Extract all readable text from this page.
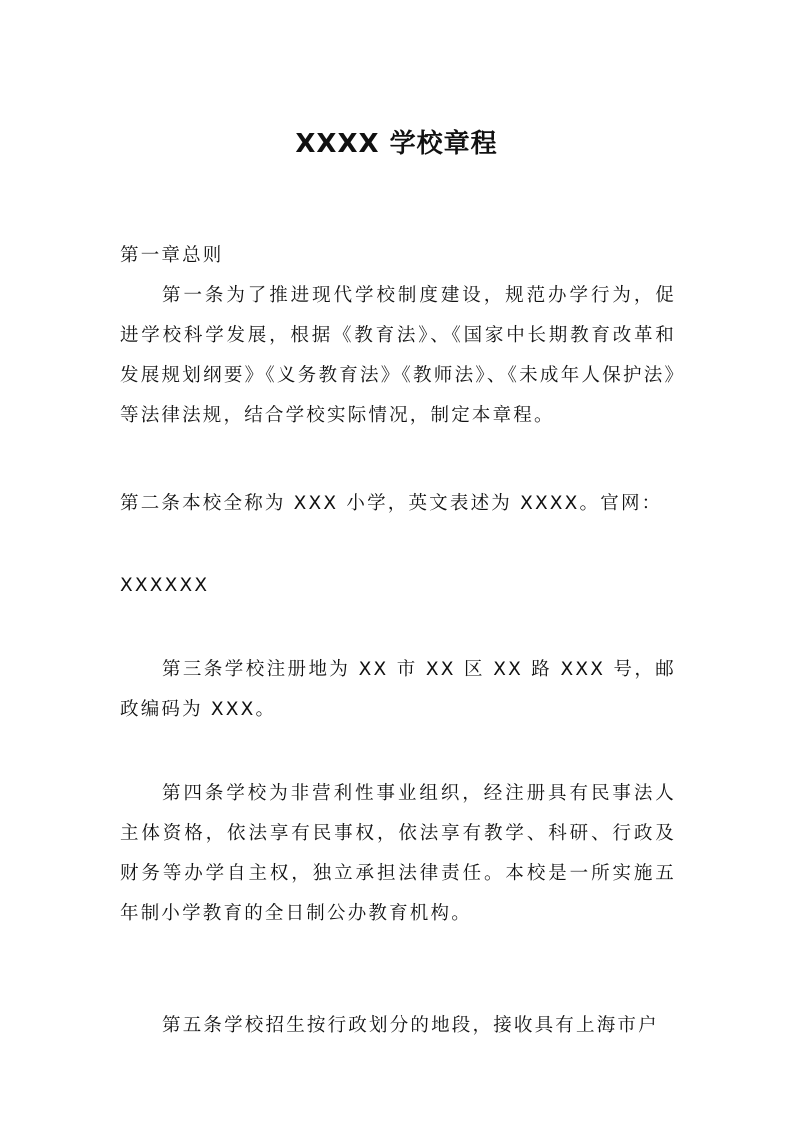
XXXX 学校章程

第一章总则

第一条为了推进现代学校制度建设，规范办学行为，促进学校科学发展，根据《教育法》、《国家中长期教育改革和发展规划纲要》《义务教育法》《教师法》、《未成年人保护法》等法律法规，结合学校实际情况，制定本章程。

第二条本校全称为 XXX 小学，英文表述为 XXXX。官网：

XXXXXX

第三条学校注册地为 XX 市 XX 区 XX 路 XXX 号，邮政编码为 XXX。

第四条学校为非营利性事业组织，经注册具有民事法人主体资格，依法享有民事权，依法享有教学、科研、行政及财务等办学自主权，独立承担法律责任。本校是一所实施五年制小学教育的全日制公办教育机构。

第五条学校招生按行政划分的地段，接收具有上海市户
